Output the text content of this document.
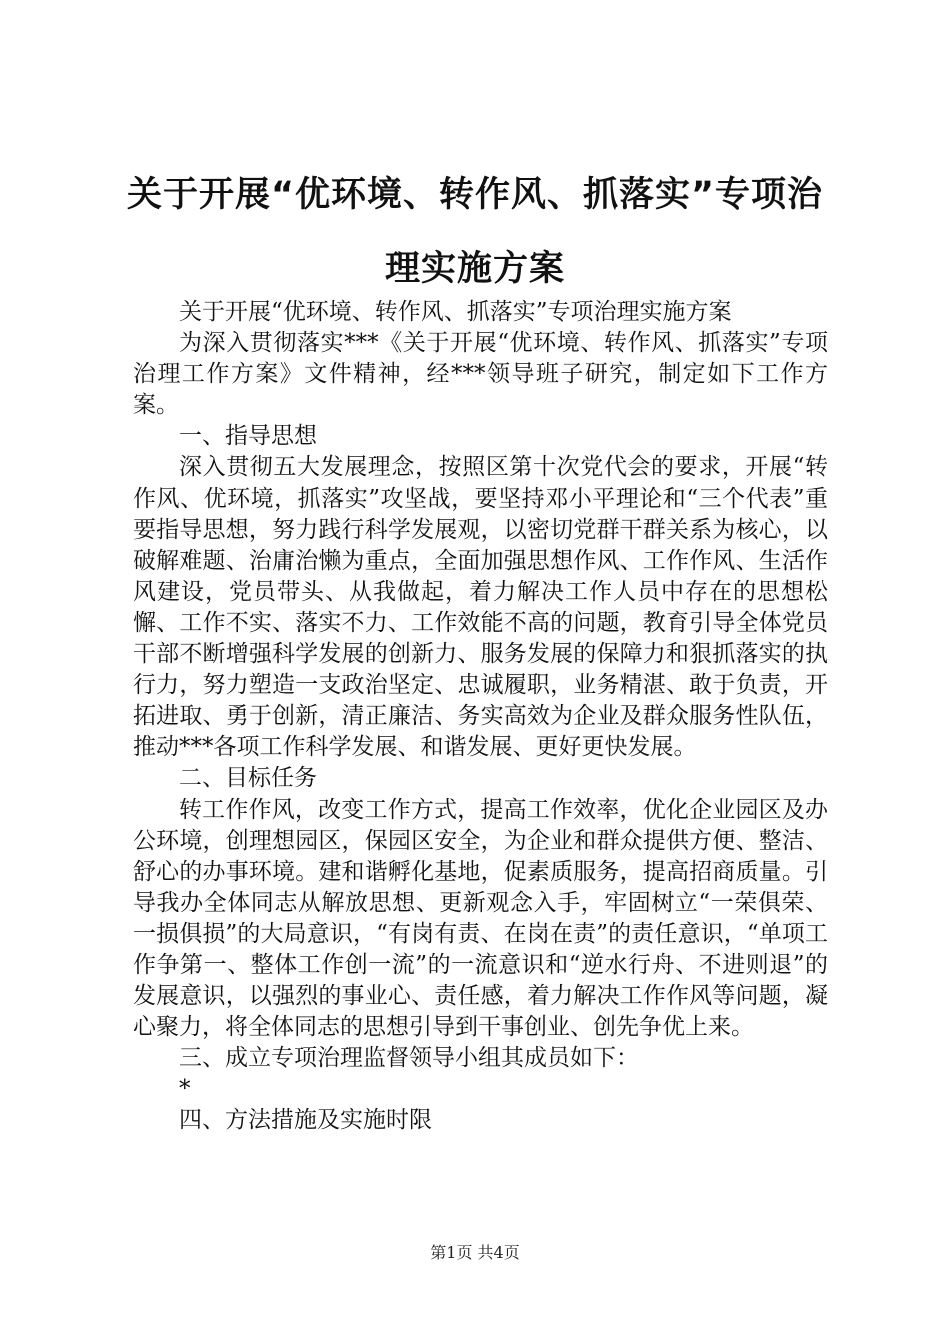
关于开展“优环境、转作风、抓落实”专项治
理实施方案

关于开展“优环境、转作风、抓落实”专项治理实施方案

为深入贯彻落实***《关于开展“优环境、转作风、抓落实”专项治理工作方案》文件精神，经***领导班子研究，制定如下工作方案。

一、指导思想

深入贯彻五大发展理念，按照区第十次党代会的要求，开展“转作风、优环境，抓落实”攻坚战，要坚持邓小平理论和“三个代表”重要指导思想，努力践行科学发展观，以密切党群干群关系为核心，以破解难题、治庸治懒为重点，全面加强思想作风、工作作风、生活作风建设，党员带头、从我做起，着力解决工作人员中存在的思想松懈、工作不实、落实不力、工作效能不高的问题，教育引导全体党员干部不断增强科学发展的创新力、服务发展的保障力和狠抓落实的执行力，努力塑造一支政治坚定、忠诚履职，业务精湛、敢于负责，开拓进取、勇于创新，清正廉洁、务实高效为企业及群众服务性队伍，推动***各项工作科学发展、和谐发展、更好更快发展。

二、目标任务

转工作作风，改变工作方式，提高工作效率，优化企业园区及办公环境，创理想园区，保园区安全，为企业和群众提供方便、整洁、舒心的办事环境。建和谐孵化基地，促素质服务，提高招商质量。引导我办全体同志从解放思想、更新观念入手，牢固树立“一荣俱荣、一损俱损”的大局意识，“有岗有责、在岗在责”的责任意识，“单项工作争第一、整体工作创一流”的一流意识和“逆水行舟、不进则退”的发展意识，以强烈的事业心、责任感，着力解决工作作风等问题，凝心聚力，将全体同志的思想引导到干事创业、创先争优上来。

三、成立专项治理监督领导小组其成员如下：

*

四、方法措施及实施时限

第1页 共4页
